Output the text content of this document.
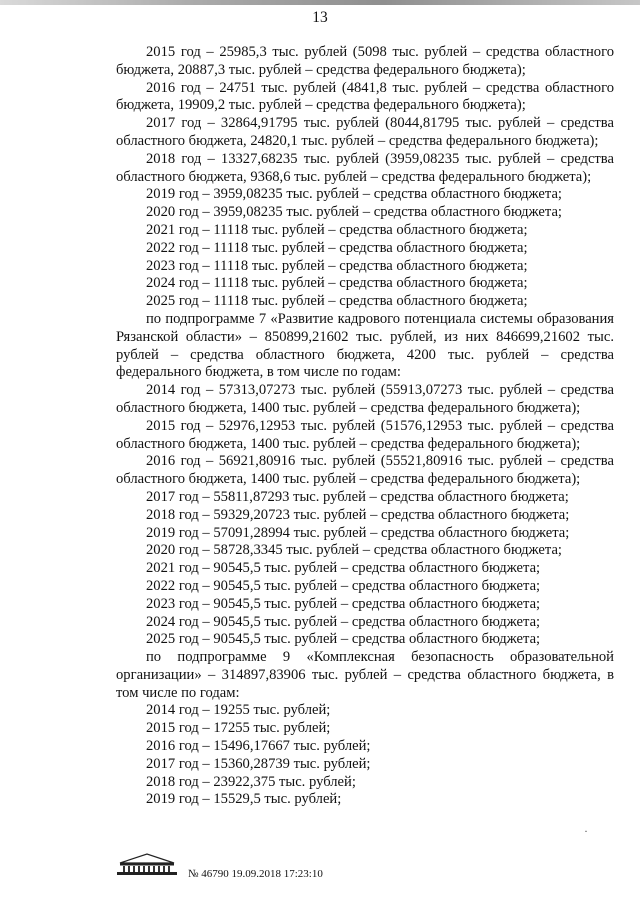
13

2015 год – 25985,3 тыс. рублей (5098 тыс. рублей – средства областного бюджета, 20887,3 тыс. рублей – средства федерального бюджета);

2016 год – 24751 тыс. рублей (4841,8 тыс. рублей – средства областного бюджета, 19909,2 тыс. рублей – средства федерального бюджета);

2017 год – 32864,91795 тыс. рублей (8044,81795 тыс. рублей – средства областного бюджета, 24820,1 тыс. рублей – средства федерального бюджета);

2018 год – 13327,68235 тыс. рублей (3959,08235 тыс. рублей – средства областного бюджета, 9368,6 тыс. рублей – средства федерального бюджета);

2019 год – 3959,08235 тыс. рублей – средства областного бюджета;

2020 год – 3959,08235 тыс. рублей – средства областного бюджета;

2021 год – 11118 тыс. рублей – средства областного бюджета;

2022 год – 11118 тыс. рублей – средства областного бюджета;

2023 год – 11118 тыс. рублей – средства областного бюджета;

2024 год – 11118 тыс. рублей – средства областного бюджета;

2025 год – 11118 тыс. рублей – средства областного бюджета;

по подпрограмме 7 «Развитие кадрового потенциала системы образования Рязанской области» – 850899,21602 тыс. рублей, из них 846699,21602 тыс. рублей – средства областного бюджета, 4200 тыс. рублей – средства федерального бюджета, в том числе по годам:

2014 год – 57313,07273 тыс. рублей (55913,07273 тыс. рублей – средства областного бюджета, 1400 тыс. рублей – средства федерального бюджета);

2015 год – 52976,12953 тыс. рублей (51576,12953 тыс. рублей – средства областного бюджета, 1400 тыс. рублей – средства федерального бюджета);

2016 год – 56921,80916 тыс. рублей (55521,80916 тыс. рублей – средства областного бюджета, 1400 тыс. рублей – средства федерального бюджета);

2017 год – 55811,87293 тыс. рублей – средства областного бюджета;

2018 год – 59329,20723 тыс. рублей – средства областного бюджета;

2019 год – 57091,28994 тыс. рублей – средства областного бюджета;

2020 год – 58728,3345 тыс. рублей – средства областного бюджета;

2021 год – 90545,5 тыс. рублей – средства областного бюджета;

2022 год – 90545,5 тыс. рублей – средства областного бюджета;

2023 год – 90545,5 тыс. рублей – средства областного бюджета;

2024 год – 90545,5 тыс. рублей – средства областного бюджета;

2025 год – 90545,5 тыс. рублей – средства областного бюджета;

по подпрограмме 9 «Комплексная безопасность образовательной организации» – 314897,83906 тыс. рублей – средства областного бюджета, в том числе по годам:

2014 год – 19255 тыс. рублей;

2015 год – 17255 тыс. рублей;

2016 год – 15496,17667 тыс. рублей;

2017 год – 15360,28739 тыс. рублей;

2018 год – 23922,375 тыс. рублей;

2019 год – 15529,5 тыс. рублей;

№ 46790 19.09.2018 17:23:10
·
